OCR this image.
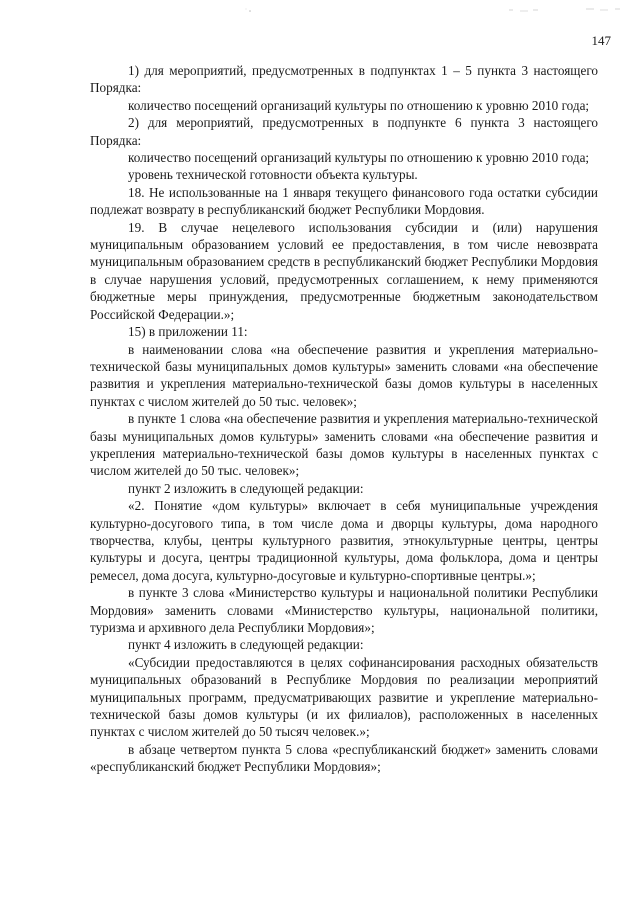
147

1) для мероприятий, предусмотренных в подпунктах 1 – 5 пункта 3 настоящего Порядка:

количество посещений организаций культуры по отношению к уровню 2010 года;

2) для мероприятий, предусмотренных в подпункте 6 пункта 3 настоящего Порядка:

количество посещений организаций культуры по отношению к уровню 2010 года;

уровень технической готовности объекта культуры.

18. Не использованные на 1 января текущего финансового года остатки субсидии подлежат возврату в республиканский бюджет Республики Мордовия.

19. В случае нецелевого использования субсидии и (или) нарушения муниципальным образованием условий ее предоставления, в том числе невозврата муниципальным образованием средств в республиканский бюджет Республики Мордовия в случае нарушения условий, предусмотренных соглашением, к нему применяются бюджетные меры принуждения, предусмотренные бюджетным законодательством Российской Федерации.»;

15) в приложении 11:

в наименовании слова «на обеспечение развития и укрепления материально-технической базы муниципальных домов культуры» заменить словами «на обеспечение развития и укрепления материально-технической базы домов культуры в населенных пунктах с числом жителей до 50 тыс. человек»;

в пункте 1 слова «на обеспечение развития и укрепления материально-технической базы муниципальных домов культуры» заменить словами «на обеспечение развития и укрепления материально-технической базы домов культуры в населенных пунктах с числом жителей до 50 тыс. человек»;

пункт 2 изложить в следующей редакции:

«2. Понятие «дом культуры» включает в себя муниципальные учреждения культурно-досугового типа, в том числе дома и дворцы культуры, дома народного творчества, клубы, центры культурного развития, этнокультурные центры, центры культуры и досуга, центры традиционной культуры, дома фольклора, дома и центры ремесел, дома досуга, культурно-досуговые и культурно-спортивные центры.»;

в пункте 3 слова «Министерство культуры и национальной политики Республики Мордовия» заменить словами «Министерство культуры, национальной политики, туризма и архивного дела Республики Мордовия»;

пункт 4 изложить в следующей редакции:

«Субсидии предоставляются в целях софинансирования расходных обязательств муниципальных образований в Республике Мордовия по реализации мероприятий муниципальных программ, предусматривающих развитие и укрепление материально-технической базы домов культуры (и их филиалов), расположенных в населенных пунктах с числом жителей до 50 тысяч человек.»;

в абзаце четвертом пункта 5 слова «республиканский бюджет» заменить словами «республиканский бюджет Республики Мордовия»;
